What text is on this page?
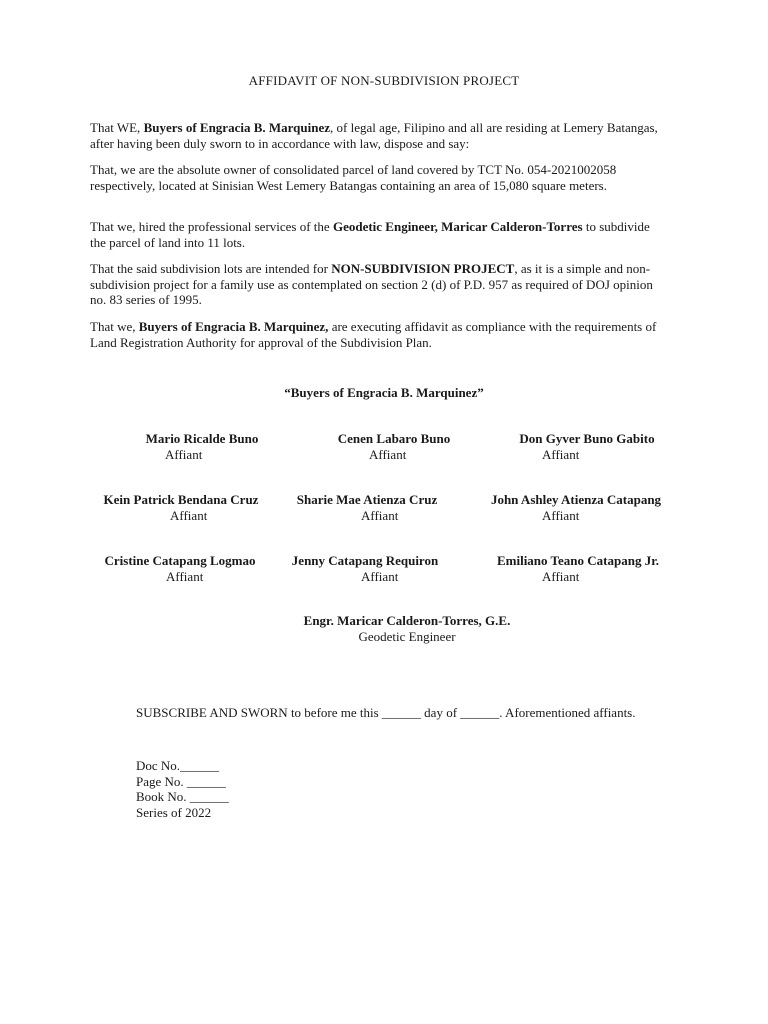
AFFIDAVIT OF NON-SUBDIVISION PROJECT

That WE, Buyers of Engracia B. Marquinez, of legal age, Filipino and all are residing at Lemery Batangas, after having been duly sworn to in accordance with law, dispose and say:

That, we are the absolute owner of consolidated parcel of land covered by TCT No. 054-2021002058 respectively, located at Sinisian West Lemery Batangas containing an area of 15,080 square meters.

That we, hired the professional services of the Geodetic Engineer, Maricar Calderon-Torres to subdivide the parcel of land into 11 lots.

That the said subdivision lots are intended for NON-SUBDIVISION PROJECT, as it is a simple and non- subdivision project for a family use as contemplated on section 2 (d) of P.D. 957 as required of DOJ opinion no. 83 series of 1995.

That we, Buyers of Engracia B. Marquinez, are executing affidavit as compliance with the requirements of Land Registration Authority for approval of the Subdivision Plan.

“Buyers of Engracia B. Marquinez”
Mario Ricalde Buno
Affiant
Cenen Labaro Buno
Affiant
Don Gyver Buno Gabito
Affiant
Kein Patrick Bendana Cruz
Affiant
Sharie Mae Atienza Cruz
Affiant
John Ashley Atienza Catapang
Affiant
Cristine Catapang Logmao
Affiant
Jenny Catapang Requiron
Affiant
Emiliano Teano Catapang Jr.
Affiant
Engr. Maricar Calderon-Torres, G.E.
Geodetic Engineer

SUBSCRIBE AND SWORN to before me this ______ day of ______. Aforementioned affiants.

Doc No.______
Page No. ______
Book No. ______
Series of 2022
